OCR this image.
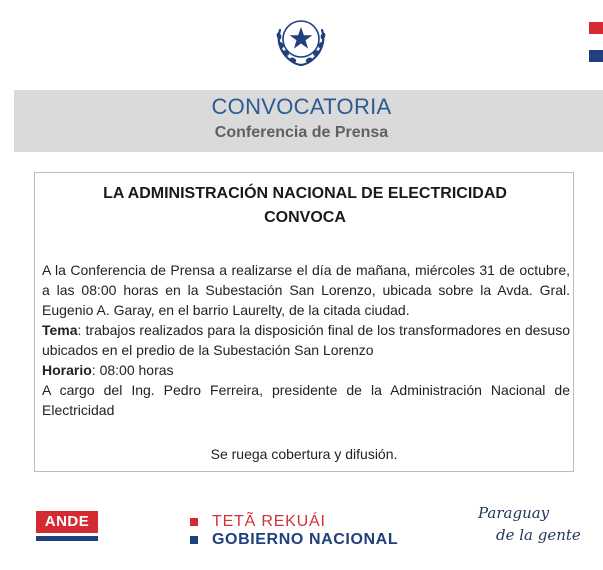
CONVOCATORIA
Conferencia de Prensa
LA ADMINISTRACIÓN NACIONAL DE ELECTRICIDAD
CONVOCA

A la Conferencia de Prensa a realizarse el día de mañana, miércoles 31 de octubre, a las 08:00 horas en la Subestación San Lorenzo, ubicada sobre la Avda. Gral. Eugenio A. Garay, en el barrio Laurelty, de la citada ciudad.

Tema: trabajos realizados para la disposición final de los transformadores en desuso ubicados en el predio de la Subestación San Lorenzo

Horario: 08:00 horas

A cargo del Ing. Pedro Ferreira, presidente de la Administración Nacional de Electricidad

Se ruega cobertura y difusión.
ANDE	TETÃ REKUÁI
GOBIERNO NACIONAL
Paraguay
de la gente
